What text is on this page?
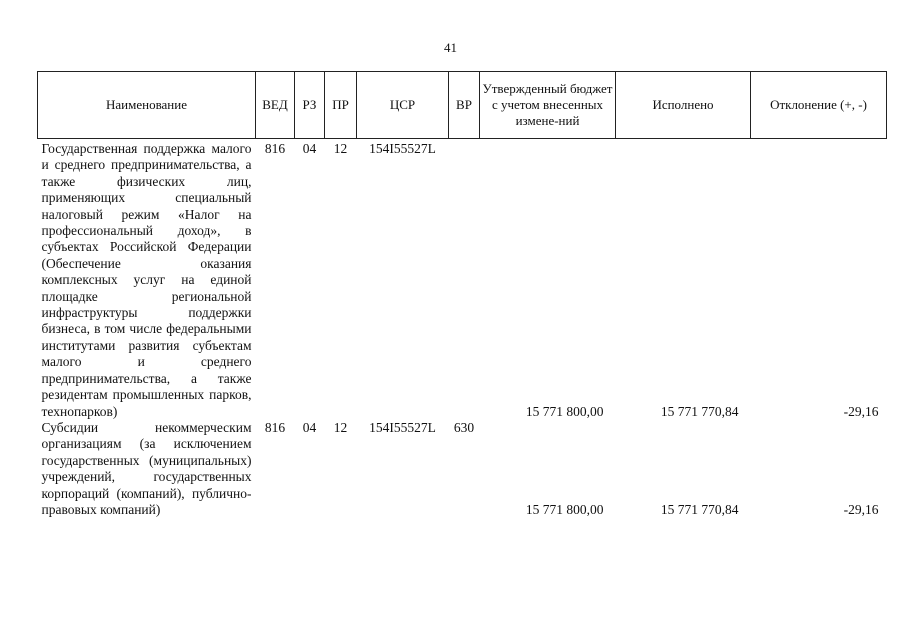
41
Наименование	ВЕД	РЗ	ПР	ЦСР	ВР	Утвержденный бюджет с учетом внесенных измене-ний	Исполнено	Отклонение (+, -)
Государственная поддержка малого и среднего предпринимательства, а также физических лиц, применяющих специальный налоговый режим «Налог на профессиональный доход», в субъектах Российской Федерации (Обеспечение оказания комплексных услуг на единой площадке региональной инфраструктуры поддержки бизнеса, в том числе федеральными институтами развития субъектам малого и среднего предпринимательства, а также резидентам промышленных парков, технопарков)	816	04	12	154I55527L		15 771 800,00	15 771 770,84	-29,16
Субсидии некоммерческим организациям (за исключением государственных (муниципальных) учреждений, государственных корпораций (компаний), публично-правовых компаний)	816	04	12	154I55527L	630	15 771 800,00	15 771 770,84	-29,16
